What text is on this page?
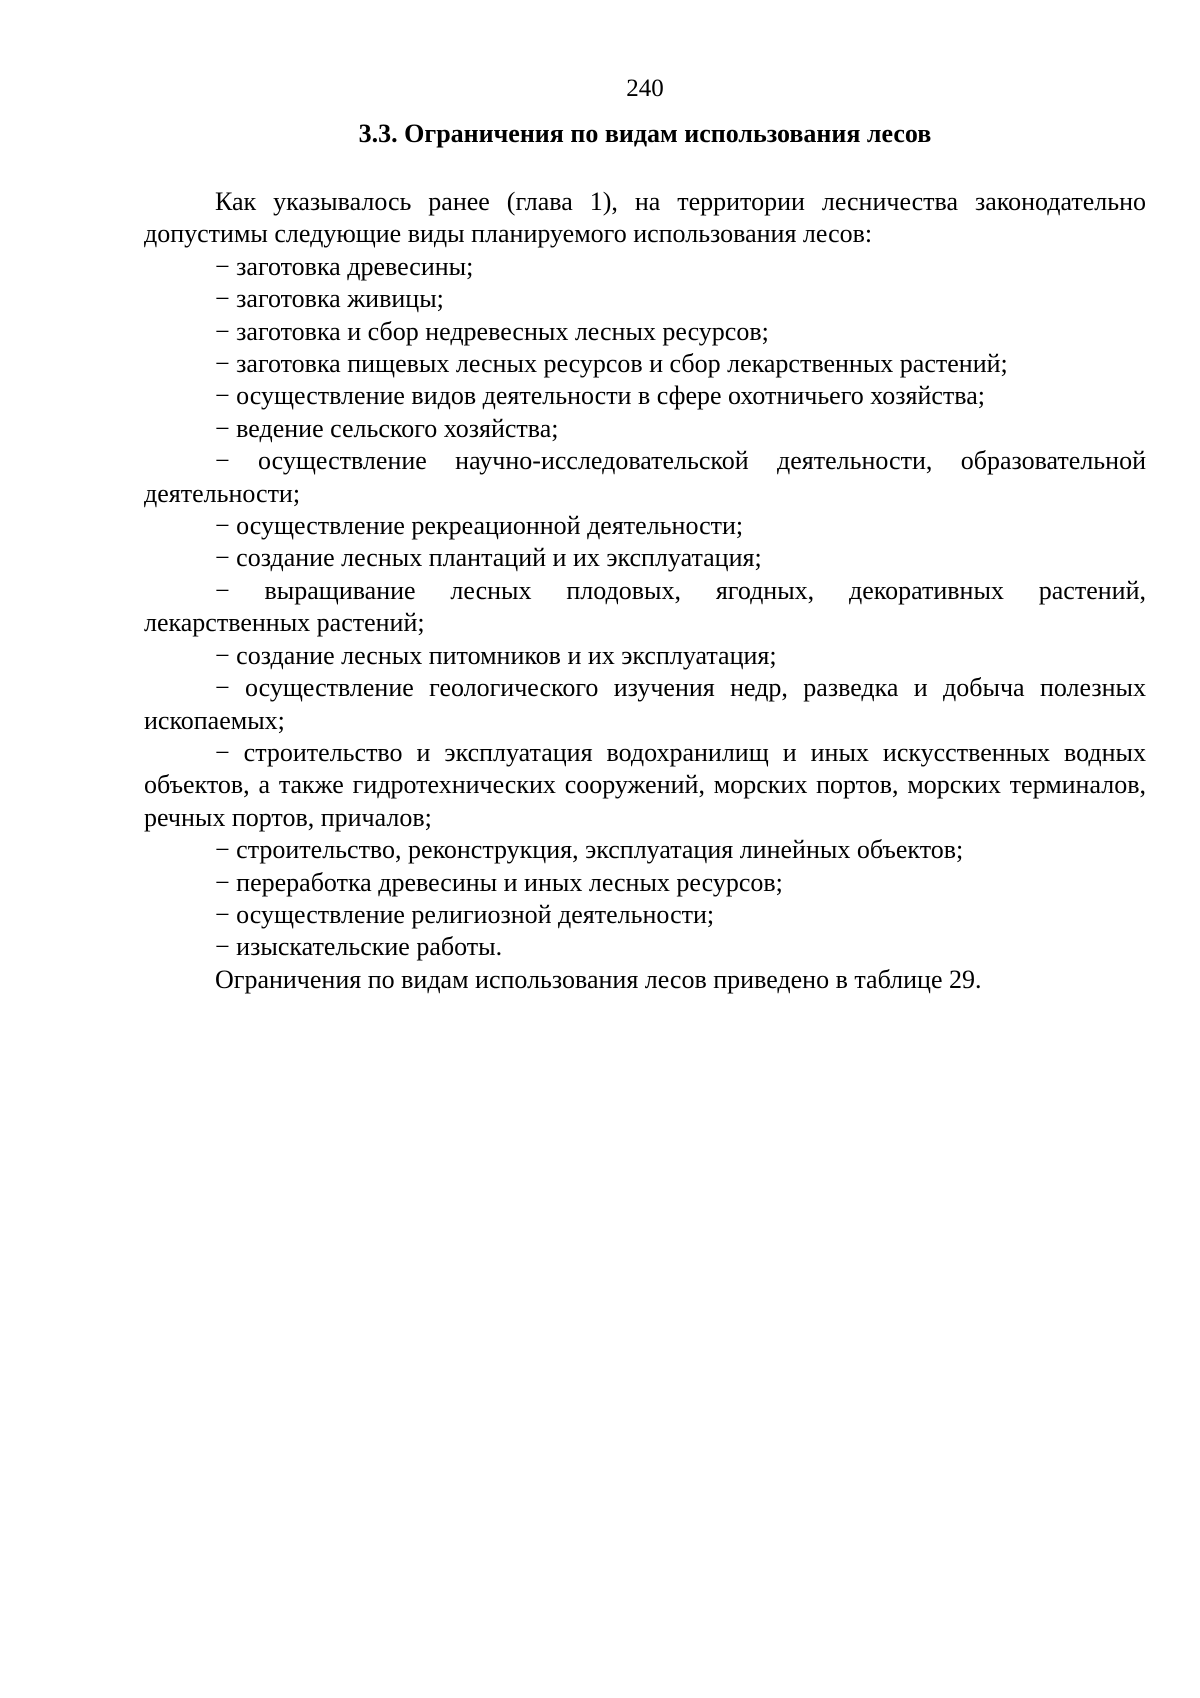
240
3.3. Ограничения по видам использования лесов

Как указывалось ранее (глава 1), на территории лесничества законодательно допустимы следующие виды планируемого использования лесов:

− заготовка древесины;

− заготовка живицы;

− заготовка и сбор недревесных лесных ресурсов;

− заготовка пищевых лесных ресурсов и сбор лекарственных растений;

− осуществление видов деятельности в сфере охотничьего хозяйства;

− ведение сельского хозяйства;

− осуществление научно-исследовательской деятельности, образовательной деятельности;

− осуществление рекреационной деятельности;

− создание лесных плантаций и их эксплуатация;

− выращивание лесных плодовых, ягодных, декоративных растений, лекарственных растений;

− создание лесных питомников и их эксплуатация;

− осуществление геологического изучения недр, разведка и добыча полезных ископаемых;

− строительство и эксплуатация водохранилищ и иных искусственных водных объектов, а также гидротехнических сооружений, морских портов, морских терминалов, речных портов, причалов;

− строительство, реконструкция, эксплуатация линейных объектов;

− переработка древесины и иных лесных ресурсов;

− осуществление религиозной деятельности;

− изыскательские работы.

Ограничения по видам использования лесов приведено в таблице 29.
